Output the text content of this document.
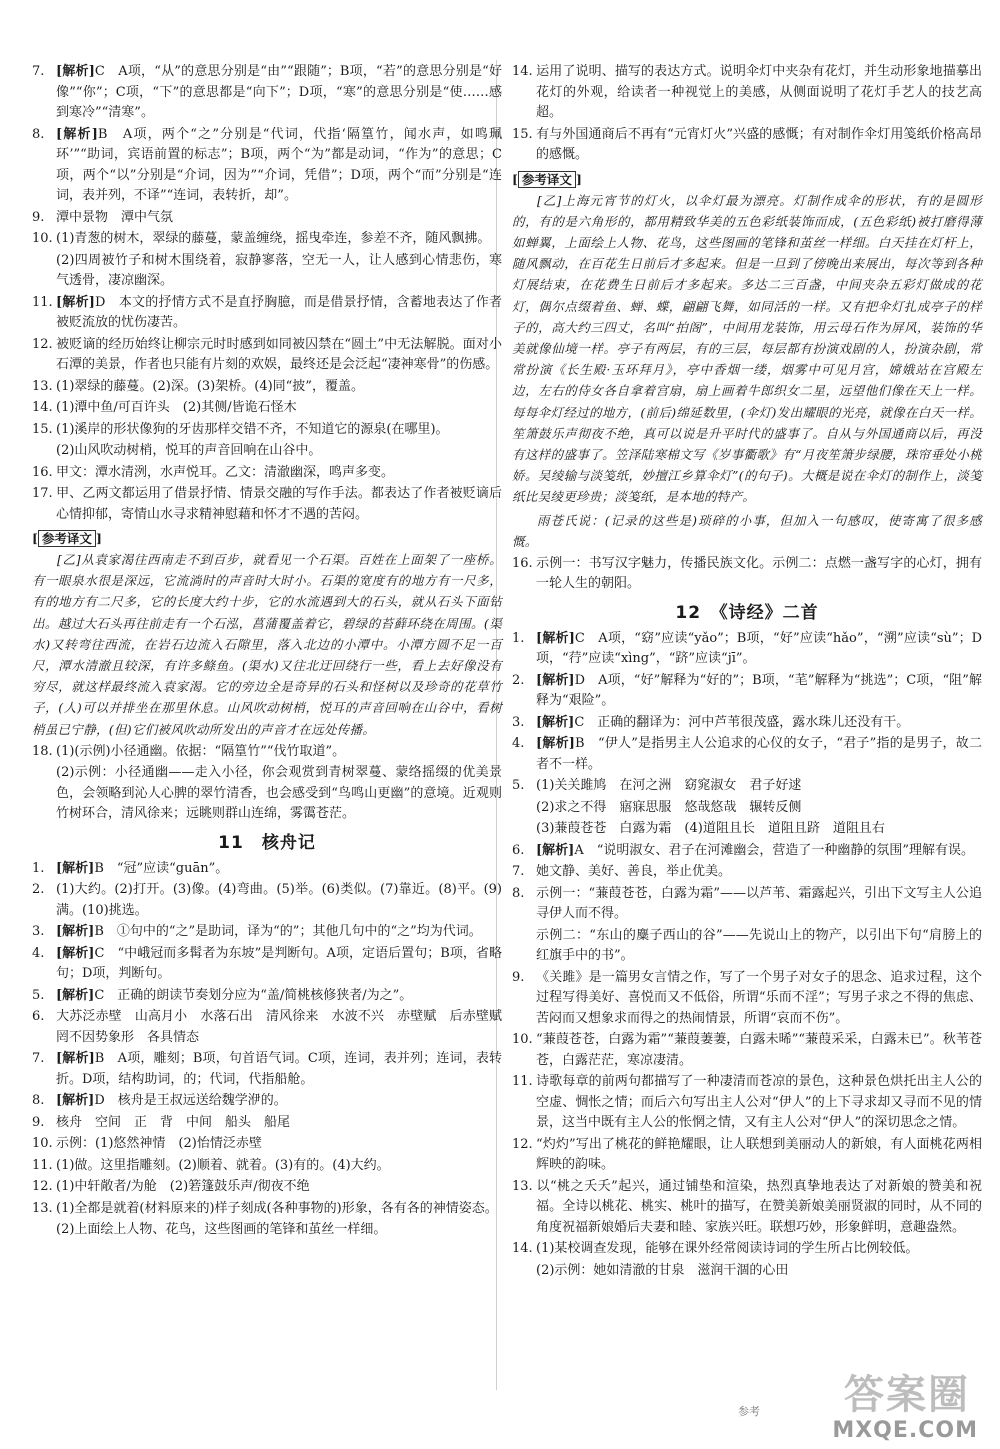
7. [解析]C　A项，“从”的意思分别是“由”“跟随”；B项，“若”的意思分别是“好像”“你”；C项，“下”的意思都是“向下”；D项，“寒”的意思分别是“使……感到寒冷”“清寒”。

8. [解析]B　A项，两个“之”分别是“代词，代指‘隔篁竹，闻水声，如鸣珮环’”“助词，宾语前置的标志”；B项，两个“为”都是动词，“作为”的意思；C项，两个“以”分别是“介词，因为”“介词，凭借”；D项，两个“而”分别是“连词，表并列，不译”“连词，表转折，却”。

9. 潭中景物　潭中气氛

10. (1)青葱的树木，翠绿的藤蔓，蒙盖缠绕，摇曳牵连，参差不齐，随风飘拂。

(2)四周被竹子和树木围绕着，寂静寥落，空无一人，让人感到心情悲伤，寒气透骨，凄凉幽深。

11. [解析]D　本文的抒情方式不是直抒胸臆，而是借景抒情，含蓄地表达了作者被贬流放的忧伤凄苦。

12. 被贬谪的经历始终让柳宗元时时感到如同被囚禁在“圆土”中无法解脱。面对小石潭的美景，作者也只能有片刻的欢娱，最终还是会泛起“凄神寒骨”的伤感。

13. (1)翠绿的藤蔓。(2)深。(3)架桥。(4)同“披”，覆盖。

14. (1)潭中鱼/可百许头　(2)其侧/皆诡石怪木

15. (1)溪岸的形状像狗的牙齿那样交错不齐，不知道它的源泉(在哪里)。

(2)山风吹动树梢，悦耳的声音回响在山谷中。

16. 甲文：潭水清洌，水声悦耳。乙文：清澈幽深，鸣声多变。

17. 甲、乙两文都运用了借景抒情、情景交融的写作手法。都表达了作者被贬谪后心情抑郁，寄情山水寻求精神慰藉和怀才不遇的苦闷。

[ 参考译文 ]

[乙]从袁家渴往西南走不到百步，就看见一个石渠。百姓在上面架了一座桥。有一眼泉水很是深远，它流淌时的声音时大时小。石渠的宽度有的地方有一尺多，有的地方有二尺多，它的长度大约十步，它的水流遇到大的石头，就从石头下面钻出。越过大石头再往前走有一个石泓，菖蒲覆盖着它，碧绿的苔藓环绕在周围。(渠水)又转弯往西流，在岩石边流入石隙里，落入北边的小潭中。小潭方圆不足一百尺，潭水清澈且较深，有许多鲦鱼。(渠水)又往北迂回绕行一些，看上去好像没有穷尽，就这样最终流入袁家渴。它的旁边全是奇异的石头和怪树以及珍奇的花草竹子，(人)可以并排坐在那里休息。山风吹动树梢，悦耳的声音回响在山谷中，看树梢虽已宁静，(但)它们被风吹动所发出的声音才在远处传播。

18. (1)(示例)小径通幽。依据：“隔篁竹”“伐竹取道”。

(2)示例：小径通幽——走入小径，你会观赏到青树翠蔓、蒙络摇缀的优美景色，会领略到沁人心脾的翠竹清香，也会感受到“鸟鸣山更幽”的意境。近观则竹树环合，清风徐来；远眺则群山连绵，雾霭苍茫。

11　核舟记

1. [解析]B　“冠”应读“guān”。

2. (1)大约。(2)打开。(3)像。(4)弯曲。(5)举。(6)类似。(7)靠近。(8)平。(9)满。(10)挑选。

3. [解析]B　①句中的“之”是助词，译为“的”；其他几句中的“之”均为代词。

4. [解析]C　“中峨冠而多髯者为东坡”是判断句。A项，定语后置句；B项，省略句；D项，判断句。

5. [解析]C　正确的朗读节奏划分应为“盖/简桃核修狭者/为之”。

6. 大苏泛赤壁　山高月小　水落石出　清风徐来　水波不兴　赤壁赋　后赤壁赋　罔不因势象形　各具情态

7. [解析]B　A项，雕刻；B项，句首语气词。C项，连词，表并列；连词，表转折。D项，结构助词，的；代词，代指船舱。

8. [解析]D　核舟是王叔远送给魏学洢的。

9. 核舟　空间　正　背　中间　船头　船尾

10. 示例：(1)悠然神情　(2)怡情泛赤壁

11. (1)做。这里指雕刻。(2)顺着、就着。(3)有的。(4)大约。

12. (1)中轩敞者/为舱　(2)箬篷鼓乐声/彻夜不绝

13. (1)全都是就着(材料原来的)样子刻成(各种事物的)形象，各有各的神情姿态。

(2)上面绘上人物、花鸟，这些图画的笔锋和茧丝一样细。

14. 运用了说明、描写的表达方式。说明伞灯中夹杂有花灯，并生动形象地描摹出花灯的外观，给读者一种视觉上的美感，从侧面说明了花灯手艺人的技艺高超。

15. 有与外国通商后不再有“元宵灯火”兴盛的感慨；有对制作伞灯用笺纸价格高昂的感慨。

[ 参考译文 ]

[乙]上海元宵节的灯火，以伞灯最为漂亮。灯制作成伞的形状，有的是圆形的，有的是六角形的，都用精致华美的五色彩纸装饰而成，(五色彩纸)被打磨得薄如蝉翼，上面绘上人物、花鸟，这些图画的笔锋和茧丝一样细。白天挂在灯杆上，随风飘动，在百花生日前后才多起来。但是一旦到了傍晚出来展出，每次等到各种灯展结束，在花费生日前后才多起来。多达二三百盏，中间夹杂五彩灯做成的花灯，偶尔点缀着鱼、蝉、蝶，翩翩飞舞，如同活的一样。又有把伞灯扎成亭子的样子的，高大约三四丈，名叫“拍阁”，中间用龙装饰，用云母石作为屏风，装饰的华美就像仙境一样。亭子有两层，有的三层，每层都有扮演戏剧的人，扮演杂剧，常常扮演《长生殿·玉环拜月》，亭中香烟一缕，烟雾中可见月宫，嫦娥站在宫殿左边，左右的侍女各自拿着宫扇，扇上画着牛郎织女二星，远望他们像在天上一样。每每伞灯经过的地方，(前后)绵延数里，(伞灯)发出耀眼的光亮，就像在白天一样。笙箫鼓乐声彻夜不绝，真可以说是升平时代的盛事了。自从与外国通商以后，再没有这样的盛事了。笠泽陆寒棉文写《岁事衢歌》有“月夜笙箫步绿腰，珠帘垂处小桃娇。吴绫输与淡笺纸，妙擅江乡算伞灯”(的句子)。大概是说在伞灯的制作上，淡笺纸比吴绫更珍贵；淡笺纸，是本地的特产。

雨苍氏说：(记录的这些是)琐碎的小事，但加入一句感叹，使寄寓了很多感慨。

16. 示例一：书写汉字魅力，传播民族文化。示例二：点燃一盏写字的心灯，拥有一轮人生的朝阳。

12　《诗经》二首

1. [解析]C　A项，“窈”应读“yǎo”；B项，“好”应读“hǎo”，“溯”应读“sù”；D项，“荇”应读“xìng”，“跻”应读“jī”。

2. [解析]D　A项，“好”解释为“好的”；B项，“芼”解释为“挑选”；C项，“阻”解释为“艰险”。

3. [解析]C　正确的翻译为：河中芦苇很茂盛，露水珠儿还没有干。

4. [解析]B　“伊人”是指男主人公追求的心仪的女子，“君子”指的是男子，故二者不一样。

5. (1)关关雎鸠　在河之洲　窈窕淑女　君子好逑

(2)求之不得　寤寐思服　悠哉悠哉　辗转反侧

(3)蒹葭苍苍　白露为霜　(4)道阻且长　道阻且跻　道阻且右

6. [解析]A　“说明淑女、君子在河滩幽会，营造了一种幽静的氛围”理解有误。

7. 她文静、美好、善良，举止优美。

8. 示例一：“蒹葭苍苍，白露为霜”——以芦苇、霜露起兴，引出下文写主人公追寻伊人而不得。

示例二：“东山的麋子西山的谷”——先说山上的物产，以引出下句“肩膀上的红旗手中的书”。

9. 《关雎》是一篇男女言情之作，写了一个男子对女子的思念、追求过程，这个过程写得美好、喜悦而又不低俗，所谓“乐而不淫”；写男子求之不得的焦虑、苦闷而又想象求而得之的热闹情景，所谓“哀而不伤”。

10. “蒹葭苍苍，白露为霜”“蒹葭萋萋，白露未晞”“蒹葭采采，白露未已”。秋苇苍苍，白露茫茫，寒凉凄清。

11. 诗歌每章的前两句都描写了一种凄清而苍凉的景色，这种景色烘托出主人公的空虚、惆怅之情；而后六句写出主人公对“伊人”的上下寻求却又寻而不见的情景，这当中既有主人公的怅惘之情，又有主人公对“伊人”的深切思念之情。

12. “灼灼”写出了桃花的鲜艳耀眼，让人联想到美丽动人的新娘，有人面桃花两相辉映的韵味。

13. 以“桃之夭夭”起兴，通过铺垫和渲染，热烈真挚地表达了对新娘的赞美和祝福。全诗以桃花、桃实、桃叶的描写，在赞美新娘美丽贤淑的同时，从不同的角度祝福新娘婚后夫妻和睦、家族兴旺。联想巧妙，形象鲜明，意趣盎然。

14. (1)某校调查发现，能够在课外经常阅读诗词的学生所占比例较低。

(2)示例：她如清澈的甘泉　滋润干涸的心田

参考 答案圈
MXQE.COM
